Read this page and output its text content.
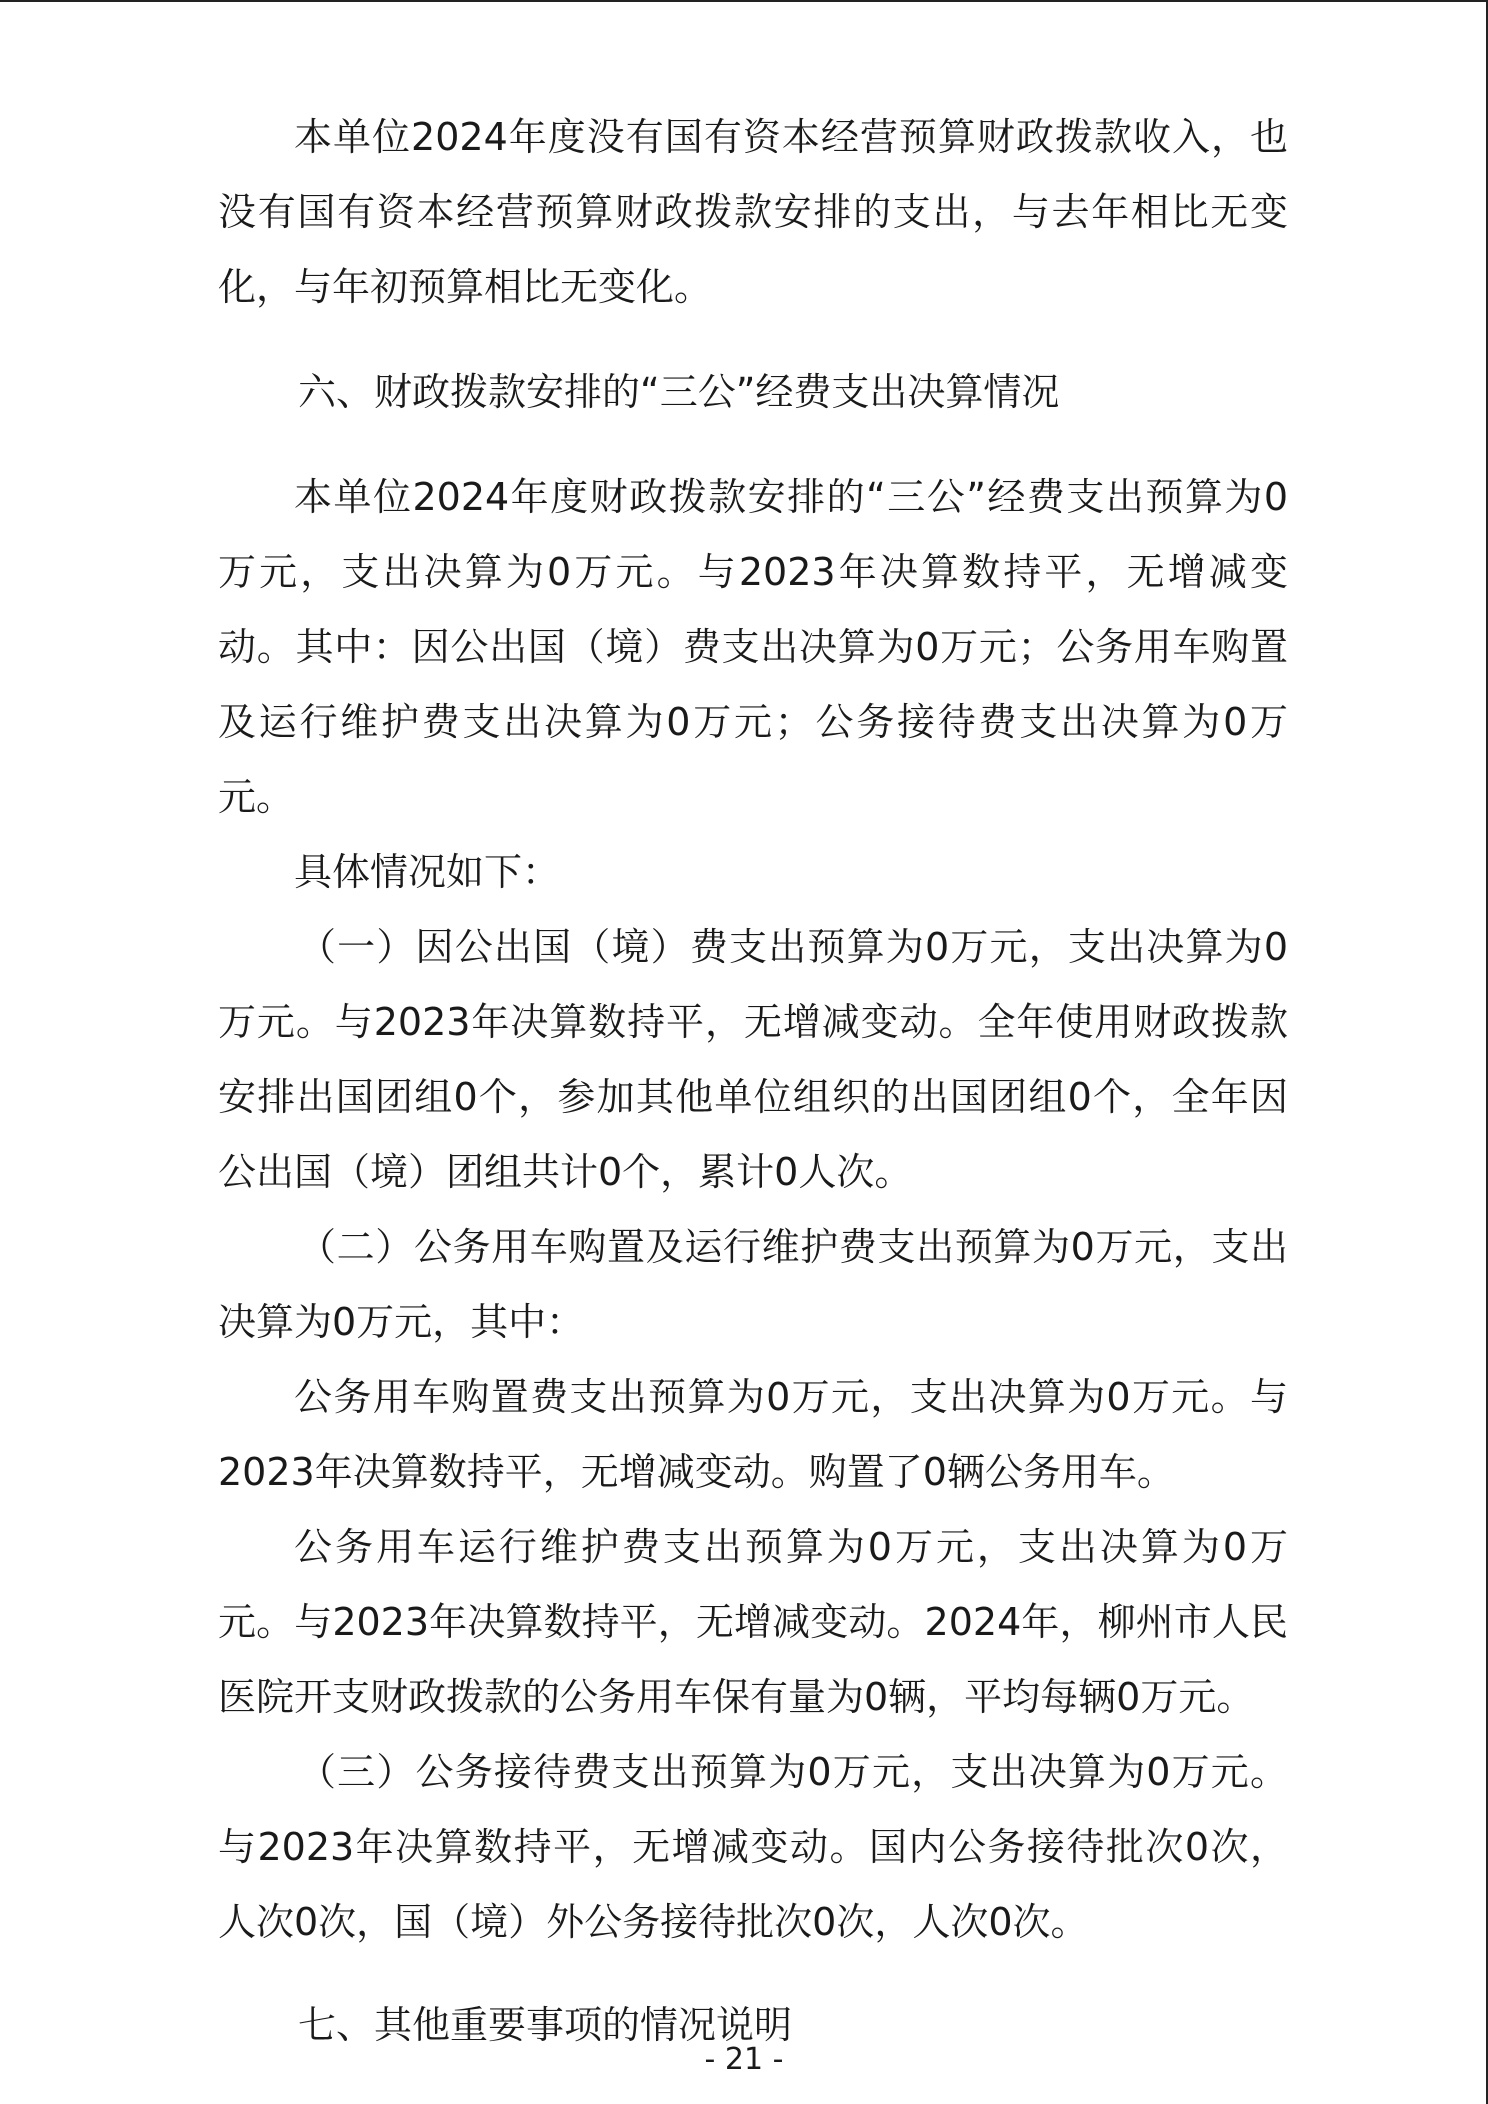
本单位2024年度没有国有资本经营预算财政拨款收入，也没有国有资本经营预算财政拨款安排的支出，与去年相比无变化，与年初预算相比无变化。

六、财政拨款安排的“三公”经费支出决算情况

本单位2024年度财政拨款安排的“三公”经费支出预算为0万元，支出决算为0万元。与2023年决算数持平，无增减变动。其中：因公出国（境）费支出决算为0万元；公务用车购置及运行维护费支出决算为0万元；公务接待费支出决算为0万元。

具体情况如下：

（一）因公出国（境）费支出预算为0万元，支出决算为0万元。与2023年决算数持平，无增减变动。全年使用财政拨款安排出国团组0个，参加其他单位组织的出国团组0个，全年因公出国（境）团组共计0个，累计0人次。

（二）公务用车购置及运行维护费支出预算为0万元，支出决算为0万元，其中：

公务用车购置费支出预算为0万元，支出决算为0万元。与2023年决算数持平，无增减变动。购置了0辆公务用车。

公务用车运行维护费支出预算为0万元，支出决算为0万元。与2023年决算数持平，无增减变动。2024年，柳州市人民医院开支财政拨款的公务用车保有量为0辆，平均每辆0万元。

（三）公务接待费支出预算为0万元，支出决算为0万元。与2023年决算数持平，无增减变动。国内公务接待批次0次，人次0次，国（境）外公务接待批次0次，人次0次。

七、其他重要事项的情况说明

- 21 -
